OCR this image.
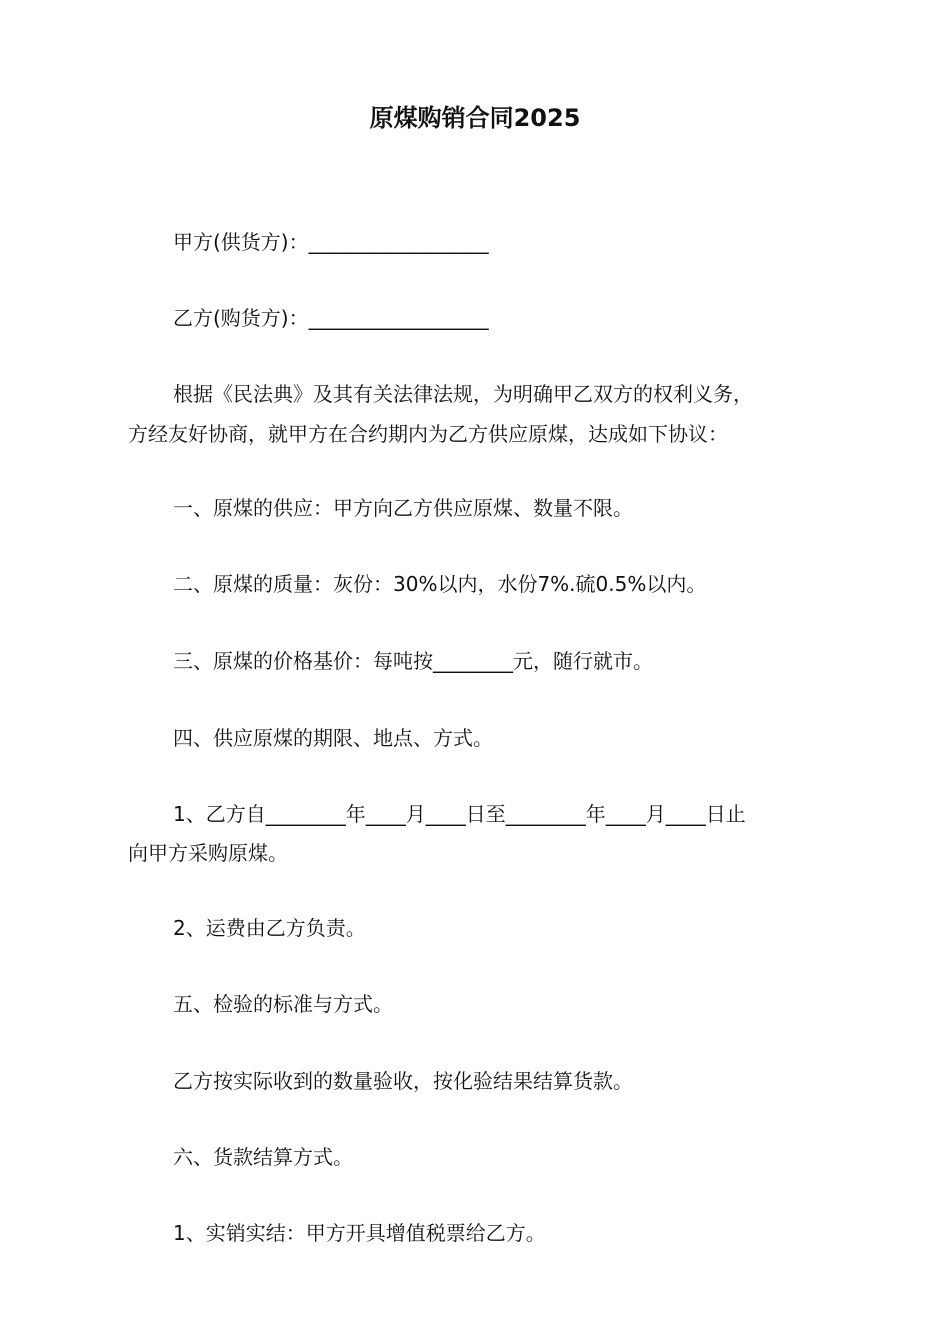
原煤购销合同2025
甲方(供货方)：__________________
乙方(购货方)：__________________
根据《民法典》及其有关法律法规，为明确甲乙双方的权利义务，
方经友好协商，就甲方在合约期内为乙方供应原煤，达成如下协议：
一、原煤的供应：甲方向乙方供应原煤、数量不限。
二、原煤的质量：灰份：30%以内，水份7%.硫0.5%以内。
三、原煤的价格基价：每吨按________元，随行就市。
四、供应原煤的期限、地点、方式。
1、乙方自________年____月____日至________年____月____日止
向甲方采购原煤。
2、运费由乙方负责。
五、检验的标准与方式。
乙方按实际收到的数量验收，按化验结果结算货款。
六、货款结算方式。
1、实销实结：甲方开具增值税票给乙方。
